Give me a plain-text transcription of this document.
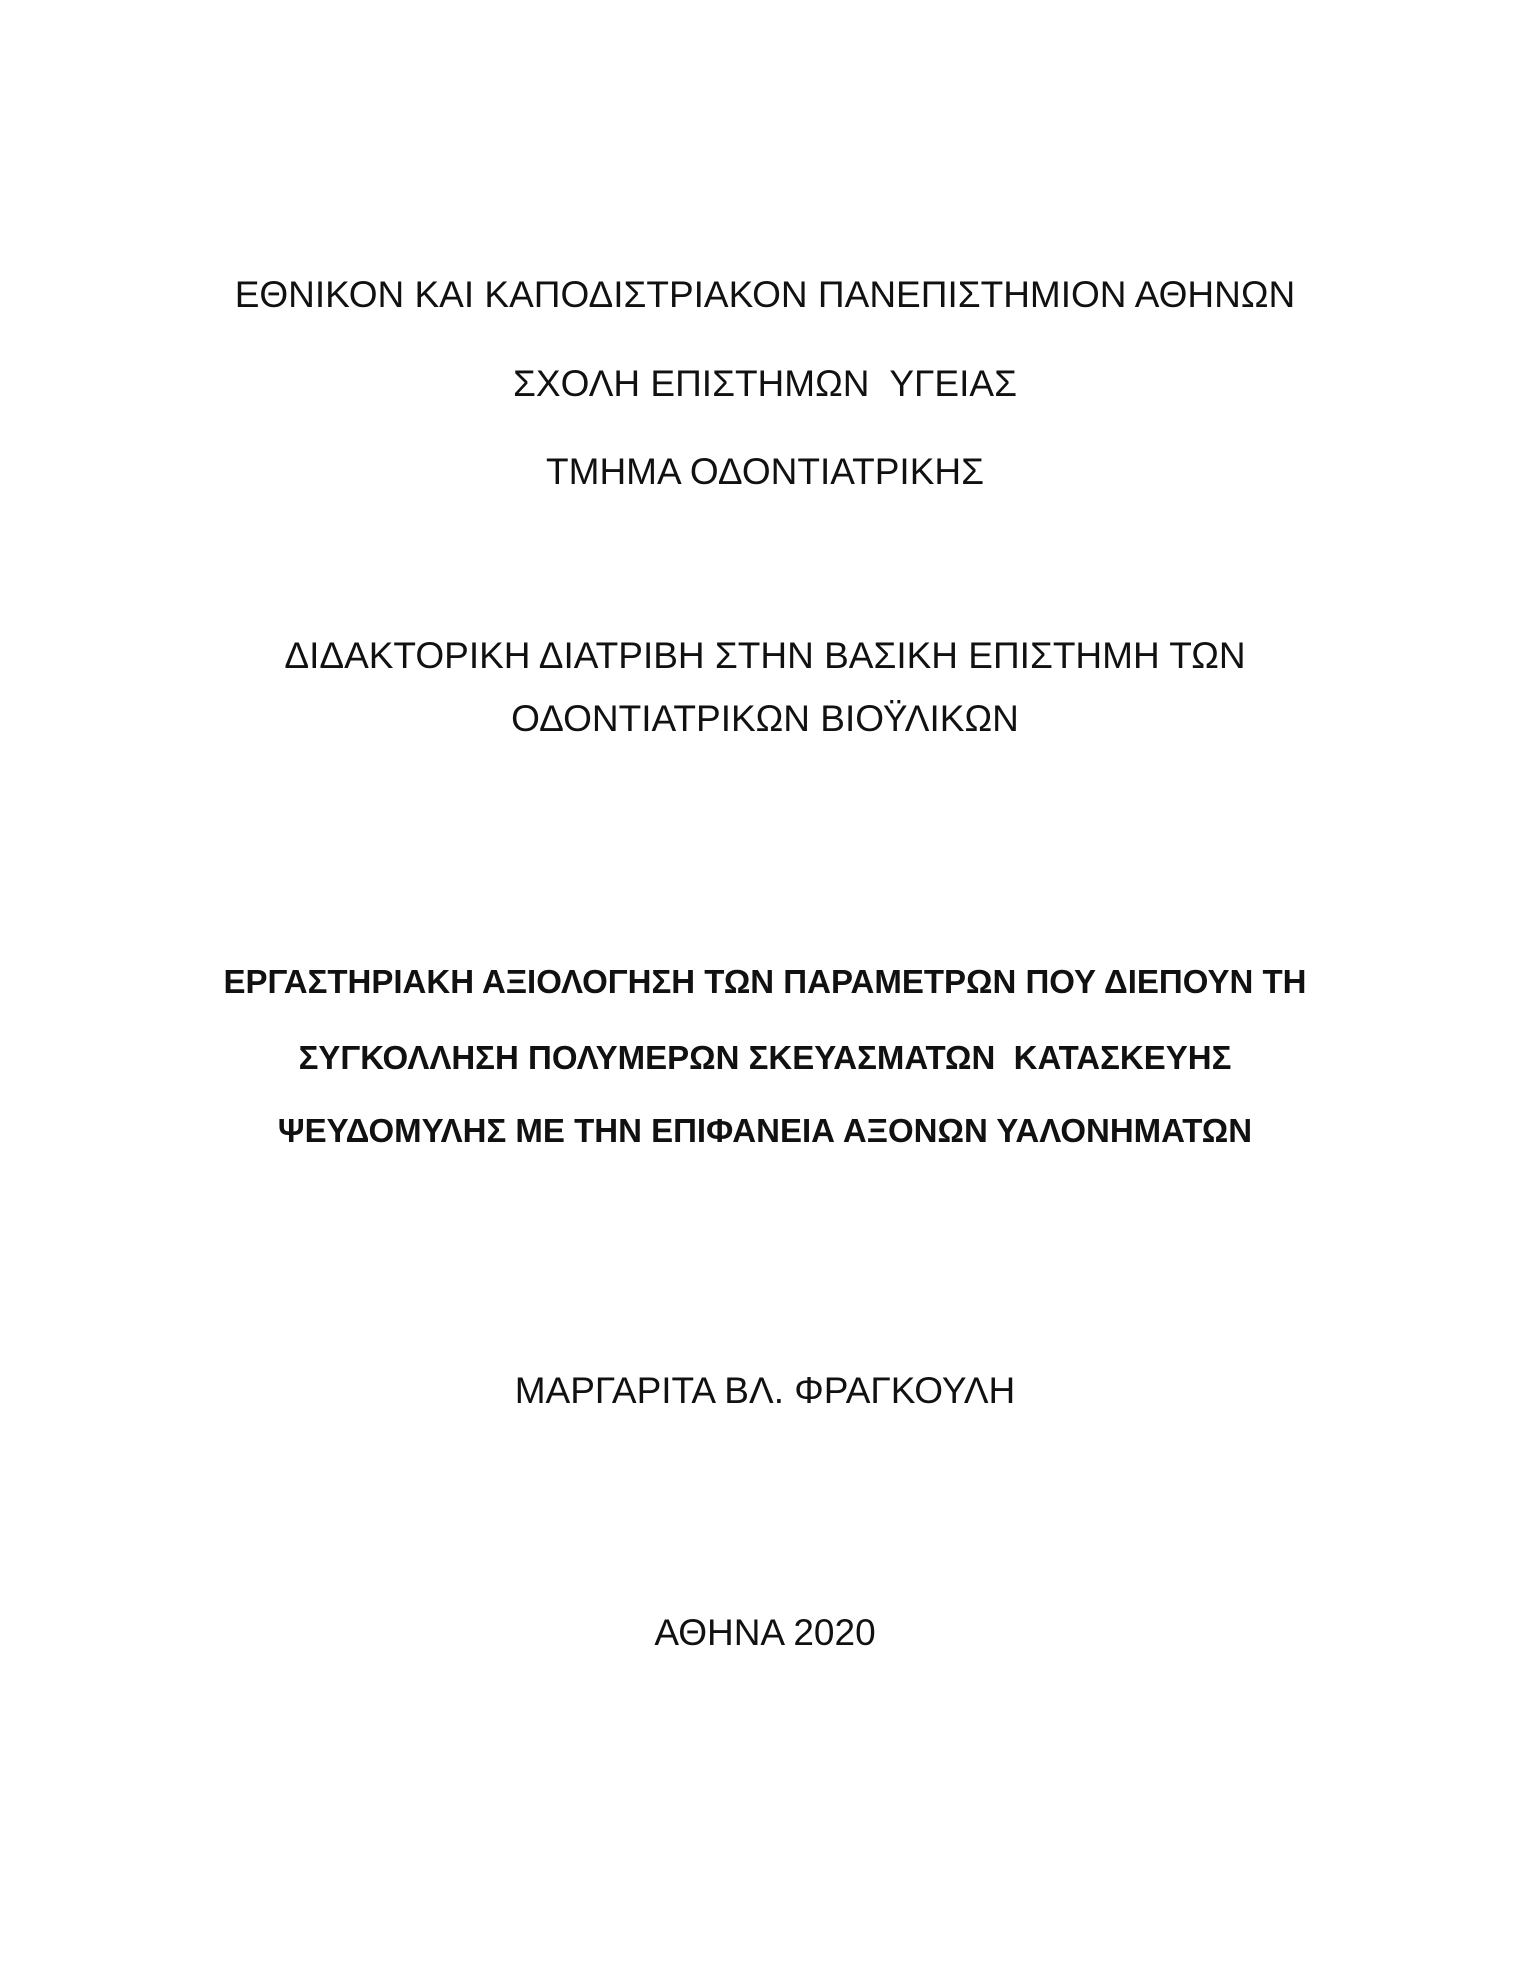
ΕΘΝΙΚΟΝ ΚΑΙ ΚΑΠΟΔΙΣΤΡΙΑΚΟΝ ΠΑΝΕΠΙΣΤΗΜΙΟΝ ΑΘΗΝΩΝ
ΣΧΟΛΗ ΕΠΙΣΤΗΜΩΝ  ΥΓΕΙΑΣ
ΤΜΗΜΑ ΟΔΟΝΤΙΑΤΡΙΚΗΣ
ΔΙΔΑΚΤΟΡΙΚΗ ΔΙΑΤΡΙΒΗ ΣΤΗΝ ΒΑΣΙΚΗ ΕΠΙΣΤΗΜΗ ΤΩΝ
ΟΔΟΝΤΙΑΤΡΙΚΩΝ ΒΙΟΫΛΙΚΩΝ
ΕΡΓΑΣΤΗΡΙΑΚΗ ΑΞΙΟΛΟΓΗΣΗ ΤΩΝ ΠΑΡΑΜΕΤΡΩΝ ΠΟΥ ΔΙΕΠΟΥΝ ΤΗ
ΣΥΓΚΟΛΛΗΣΗ ΠΟΛΥΜΕΡΩΝ ΣΚΕΥΑΣΜΑΤΩΝ  ΚΑΤΑΣΚΕΥΗΣ
ΨΕΥΔΟΜΥΛΗΣ ΜΕ ΤΗΝ ΕΠΙΦΑΝΕΙΑ ΑΞΟΝΩΝ ΥΑΛΟΝΗΜΑΤΩΝ
ΜΑΡΓΑΡΙΤΑ ΒΛ. ΦΡΑΓΚΟΥΛΗ
ΑΘΗΝΑ 2020
